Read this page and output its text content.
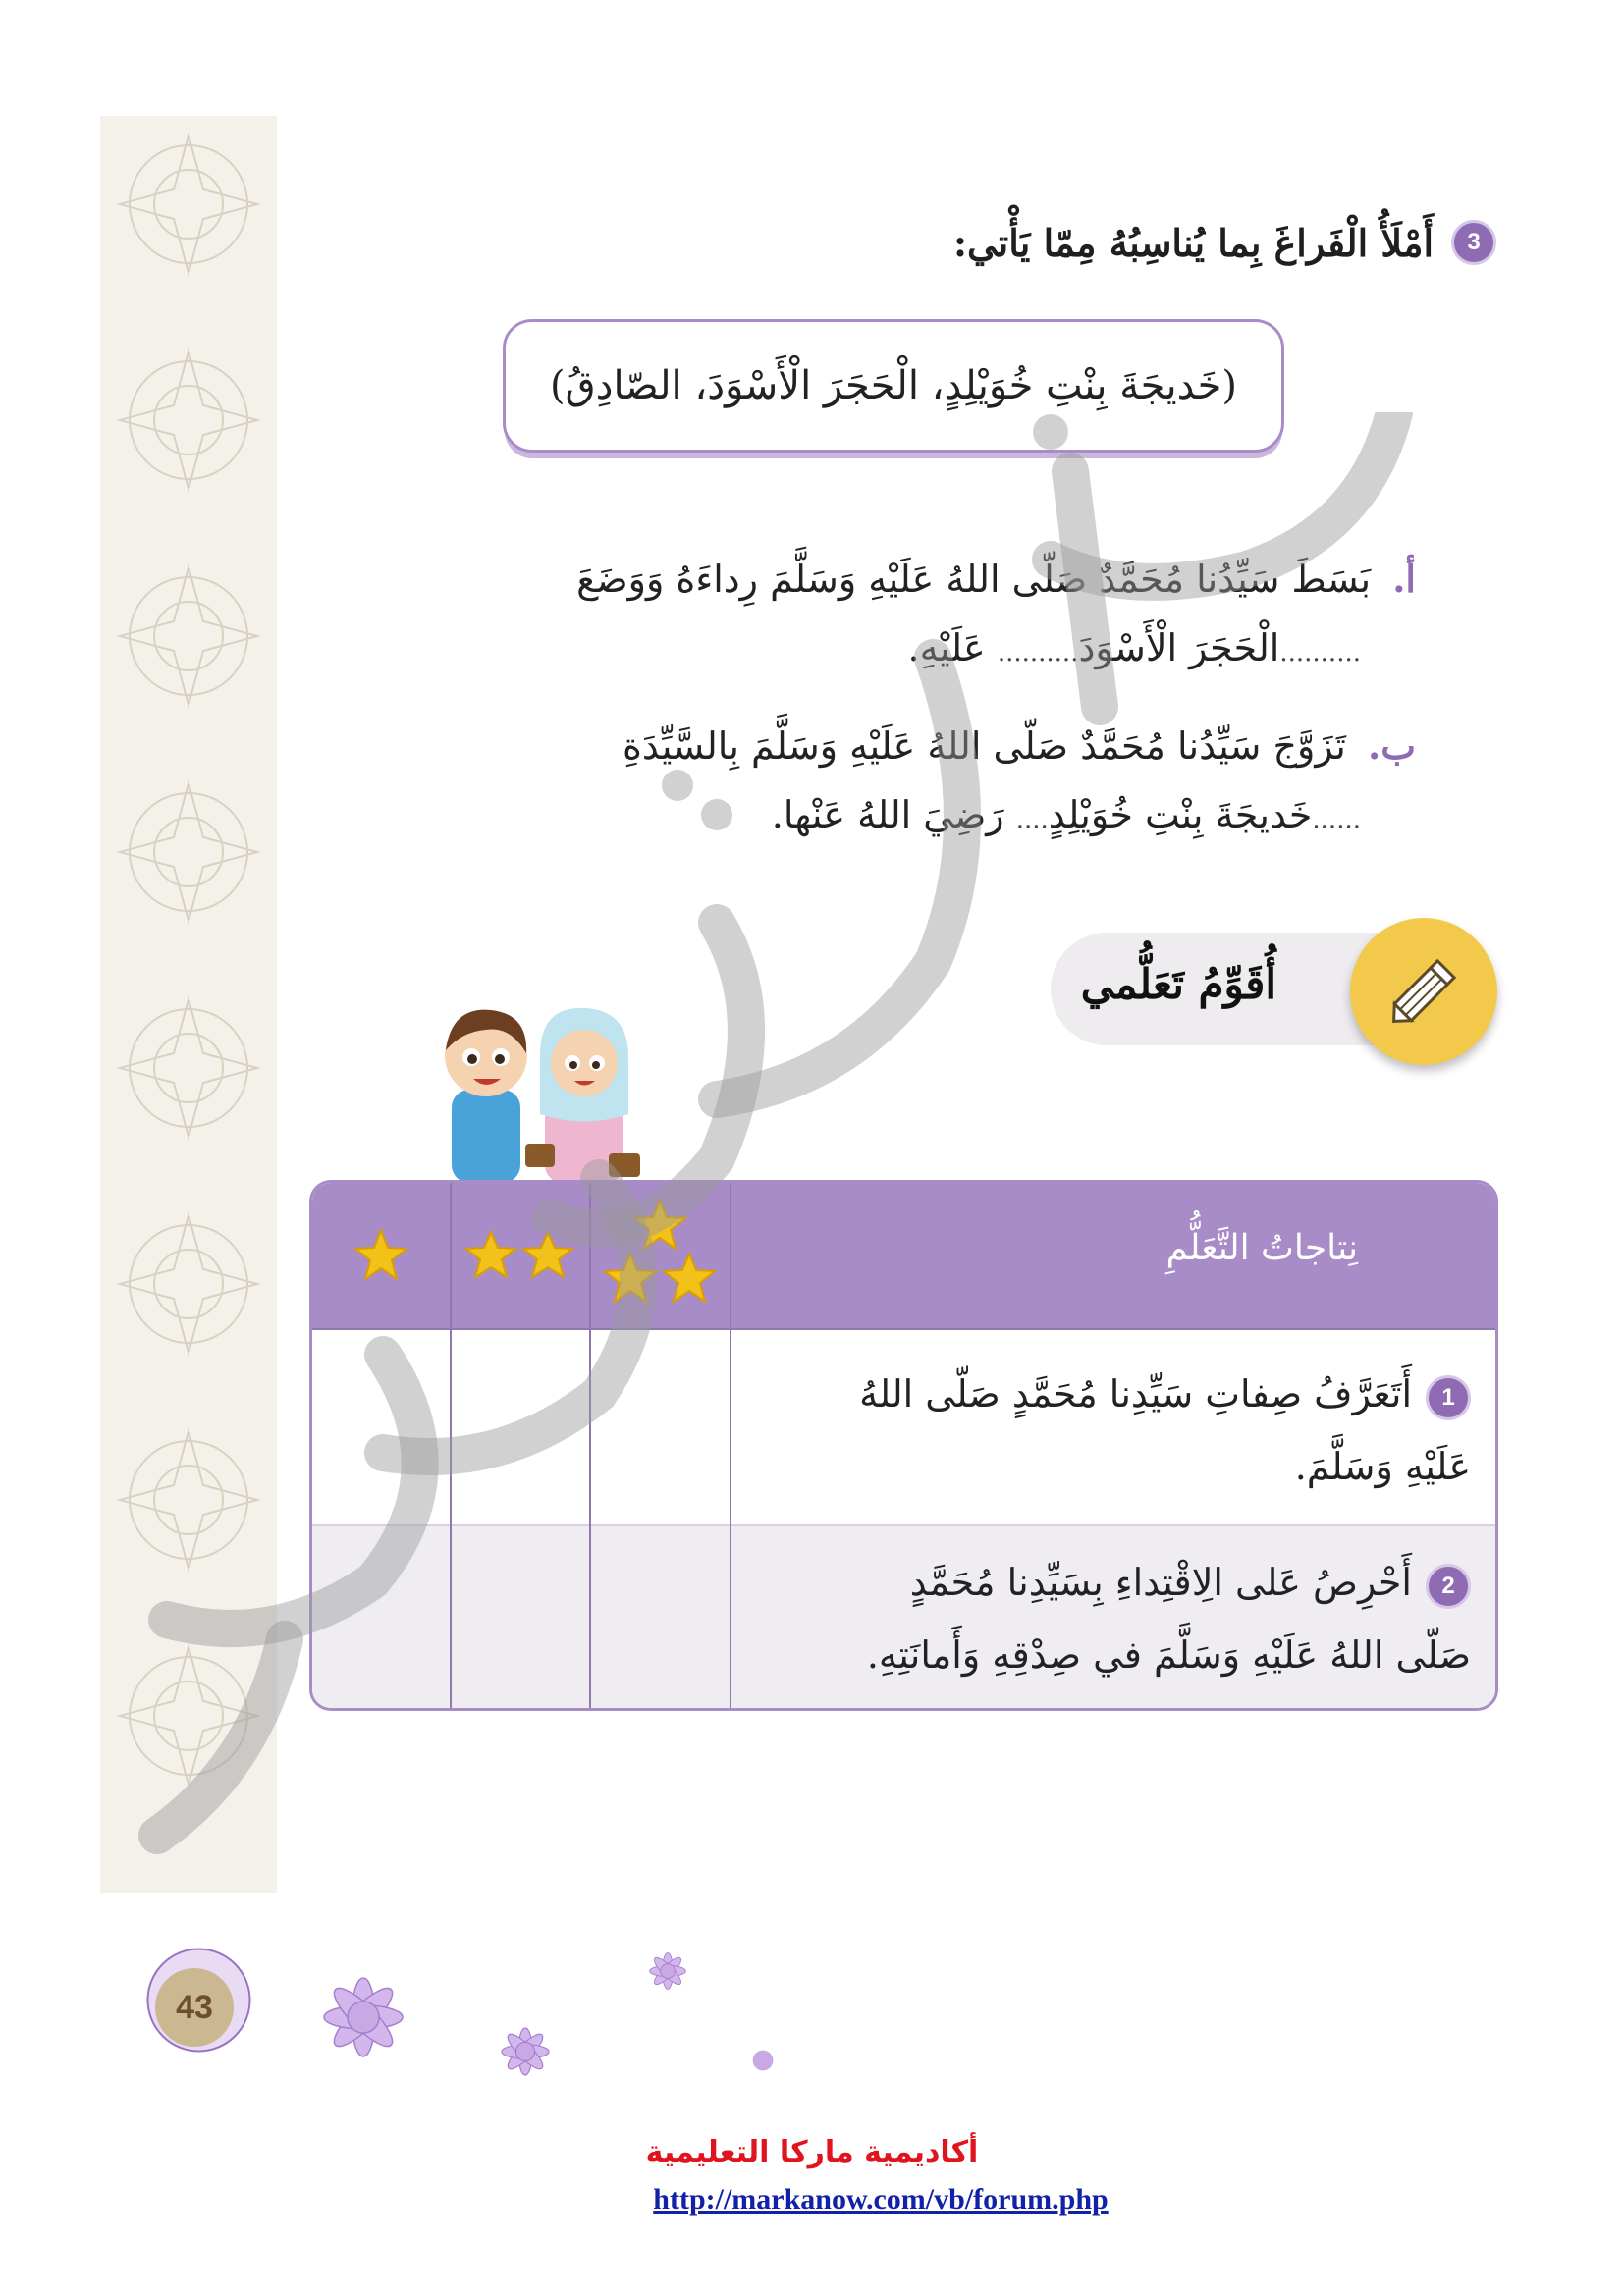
3
أَمْلَأُ الْفَراغَ بِما يُناسِبُهُ مِمّا يَأْتي:
(خَديجَةَ بِنْتِ خُوَيْلِدٍ، الْحَجَرَ الْأَسْوَدَ، الصّادِقُ)
أ. بَسَطَ سَيِّدُنا مُحَمَّدٌ صَلّى اللهُ عَلَيْهِ وَسَلَّمَ رِداءَهُ وَوَضَعَ
..........الْحَجَرَ الْأَسْوَدَ.......... عَلَيْهِ.
ب. تَزَوَّجَ سَيِّدُنا مُحَمَّدٌ صَلّى اللهُ عَلَيْهِ وَسَلَّمَ بِالسَّيِّدَةِ
......خَديجَةَ بِنْتِ خُوَيْلِدٍ.... رَضِيَ اللهُ عَنْها.
أُقَوِّمُ تَعَلُّمي
نِتاجاتُ التَّعَلُّمِ
1أَتَعَرَّفُ صِفاتِ سَيِّدِنا مُحَمَّدٍ صَلّى اللهُ عَلَيْهِ وَسَلَّمَ.
2أَحْرِصُ عَلى الِاقْتِداءِ بِسَيِّدِنا مُحَمَّدٍ صَلّى اللهُ عَلَيْهِ وَسَلَّمَ في صِدْقِهِ وَأَمانَتِهِ.
43
أكاديمية ماركا التعليمية
http://markanow.com/vb/forum.php
